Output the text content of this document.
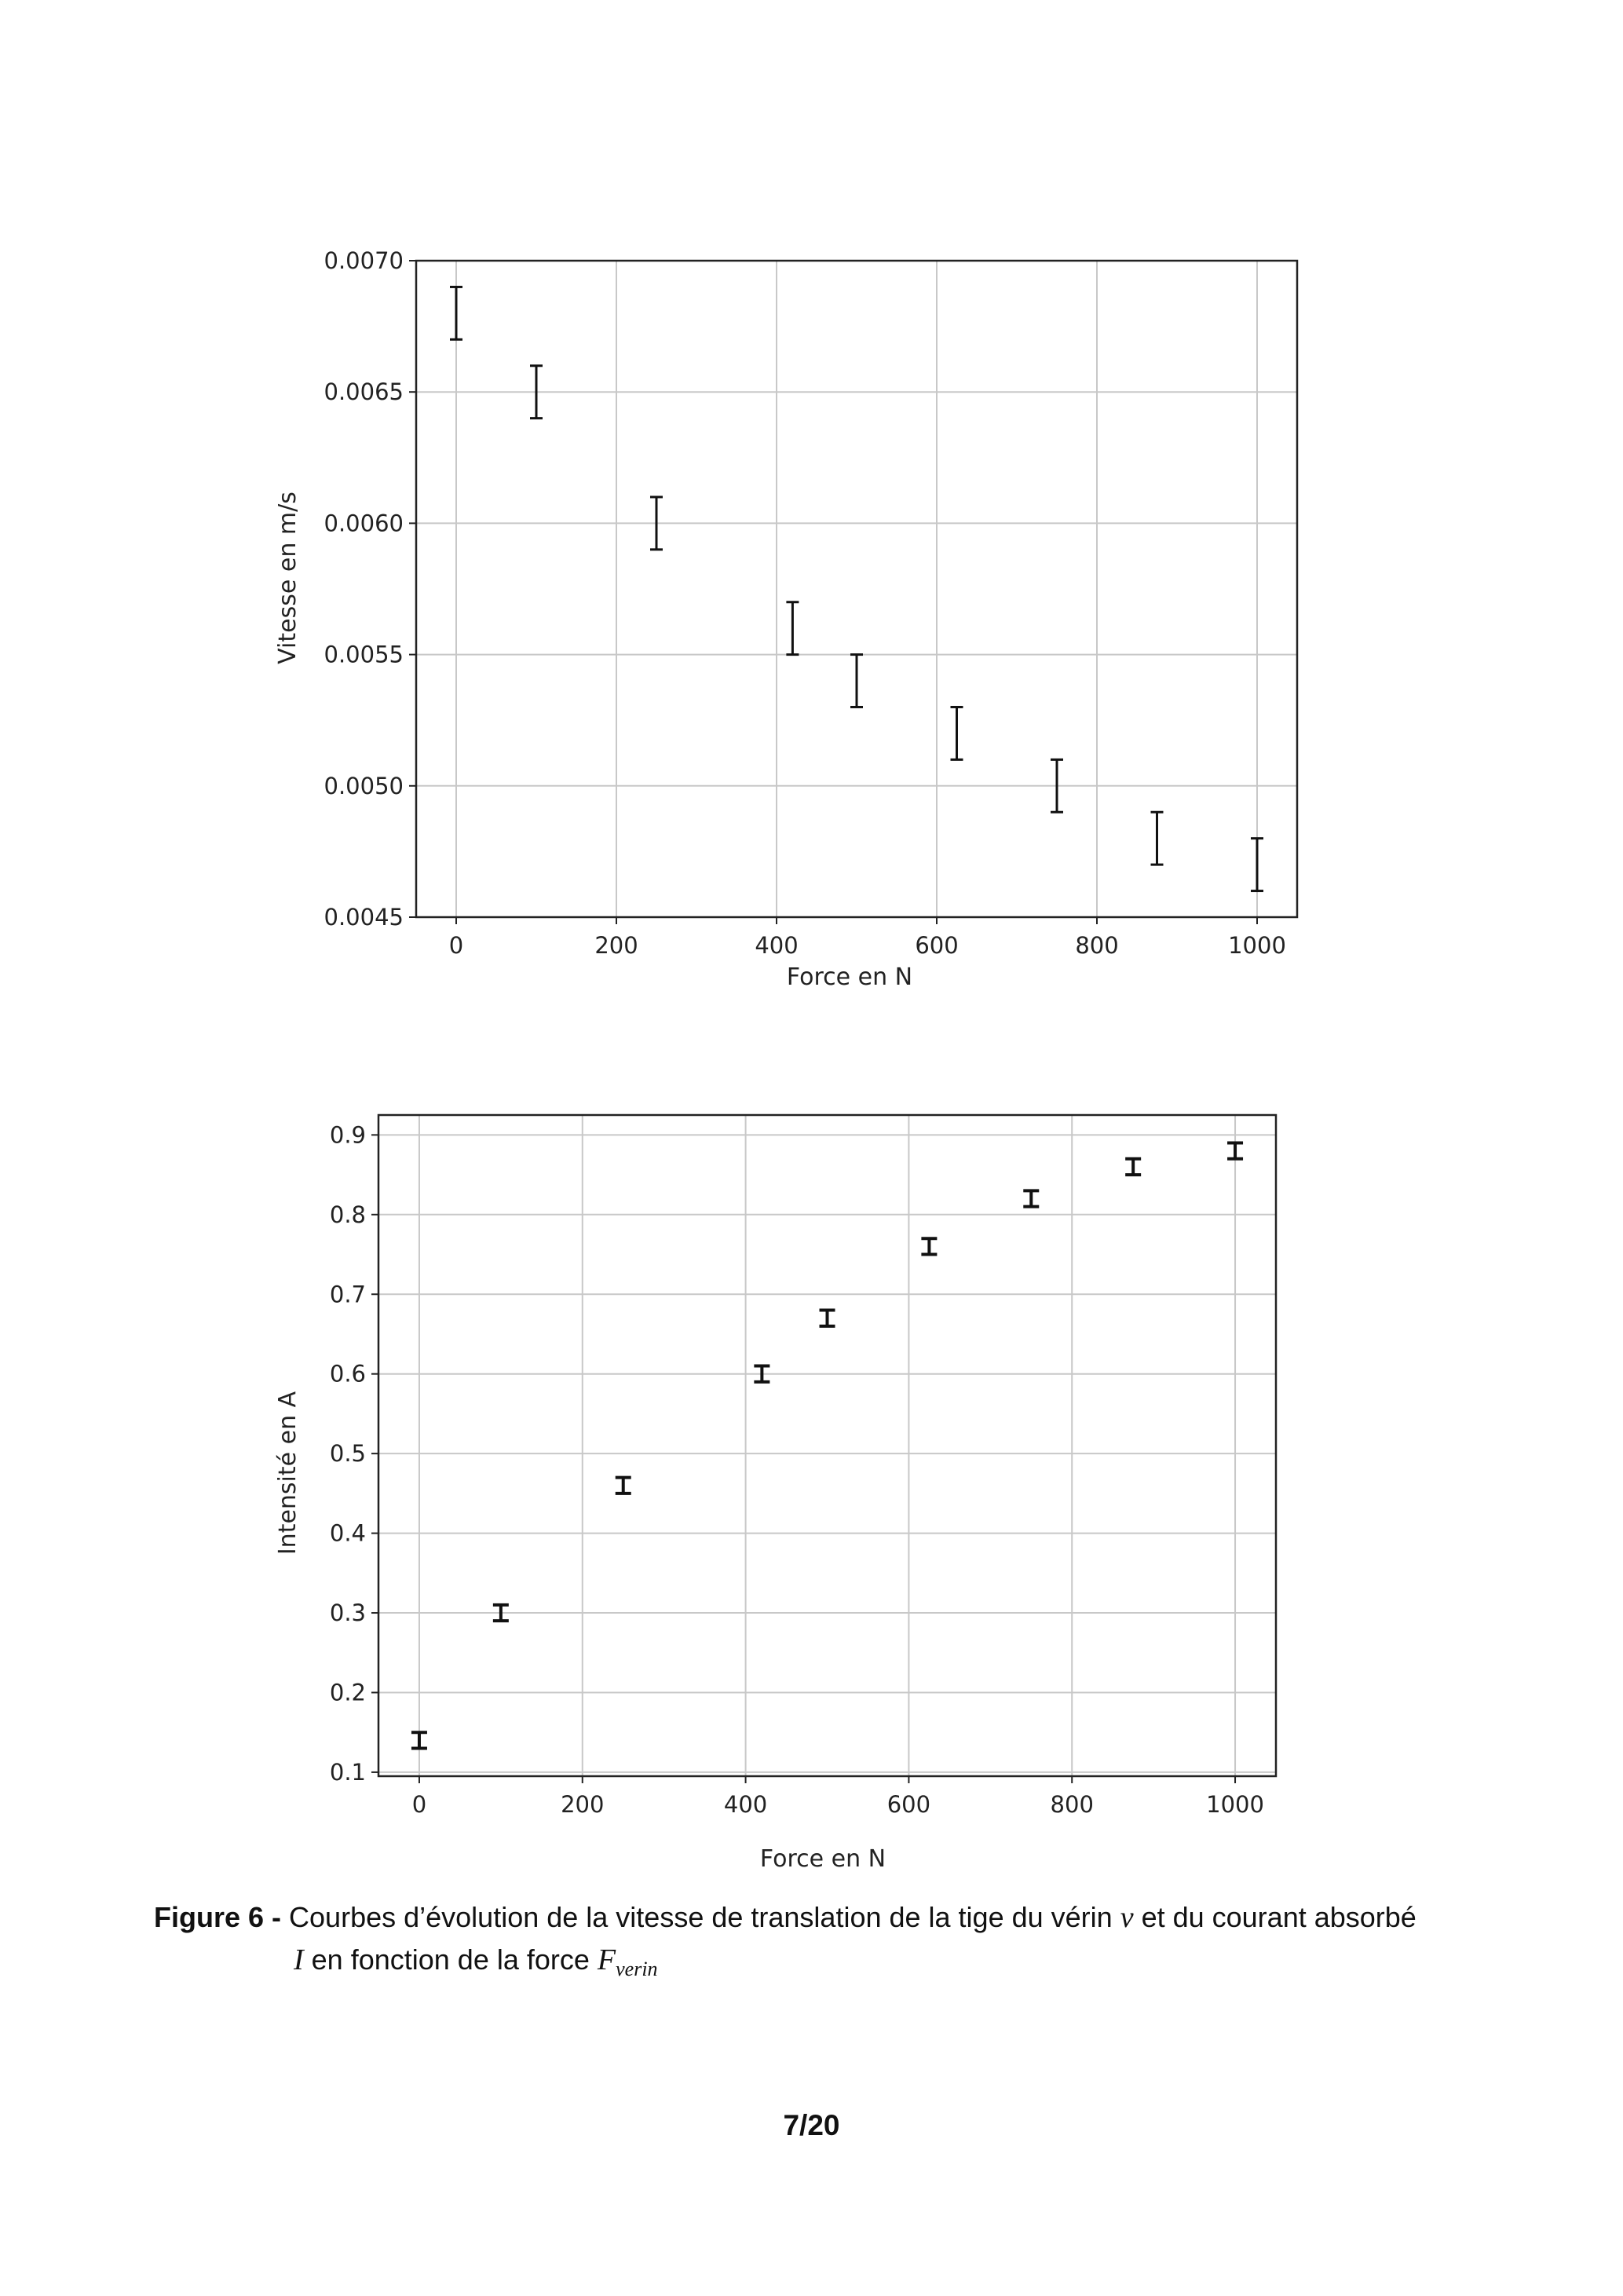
0	200	400	600	800	1000
0.0045
0.0050
0.0055
0.0060
0.0065
0.0070
Force en N
Vitesse en m/s
0	200	400	600	800	1000
0.1
0.2
0.3
0.4
0.5
0.6
0.7
0.8
0.9
Force en N
Intensité en A
Figure 6 - Courbes d’évolution de la vitesse de translation de la tige du vérin v et du courant absorbé
I en fonction de la force $F_{verin}$
7/20
